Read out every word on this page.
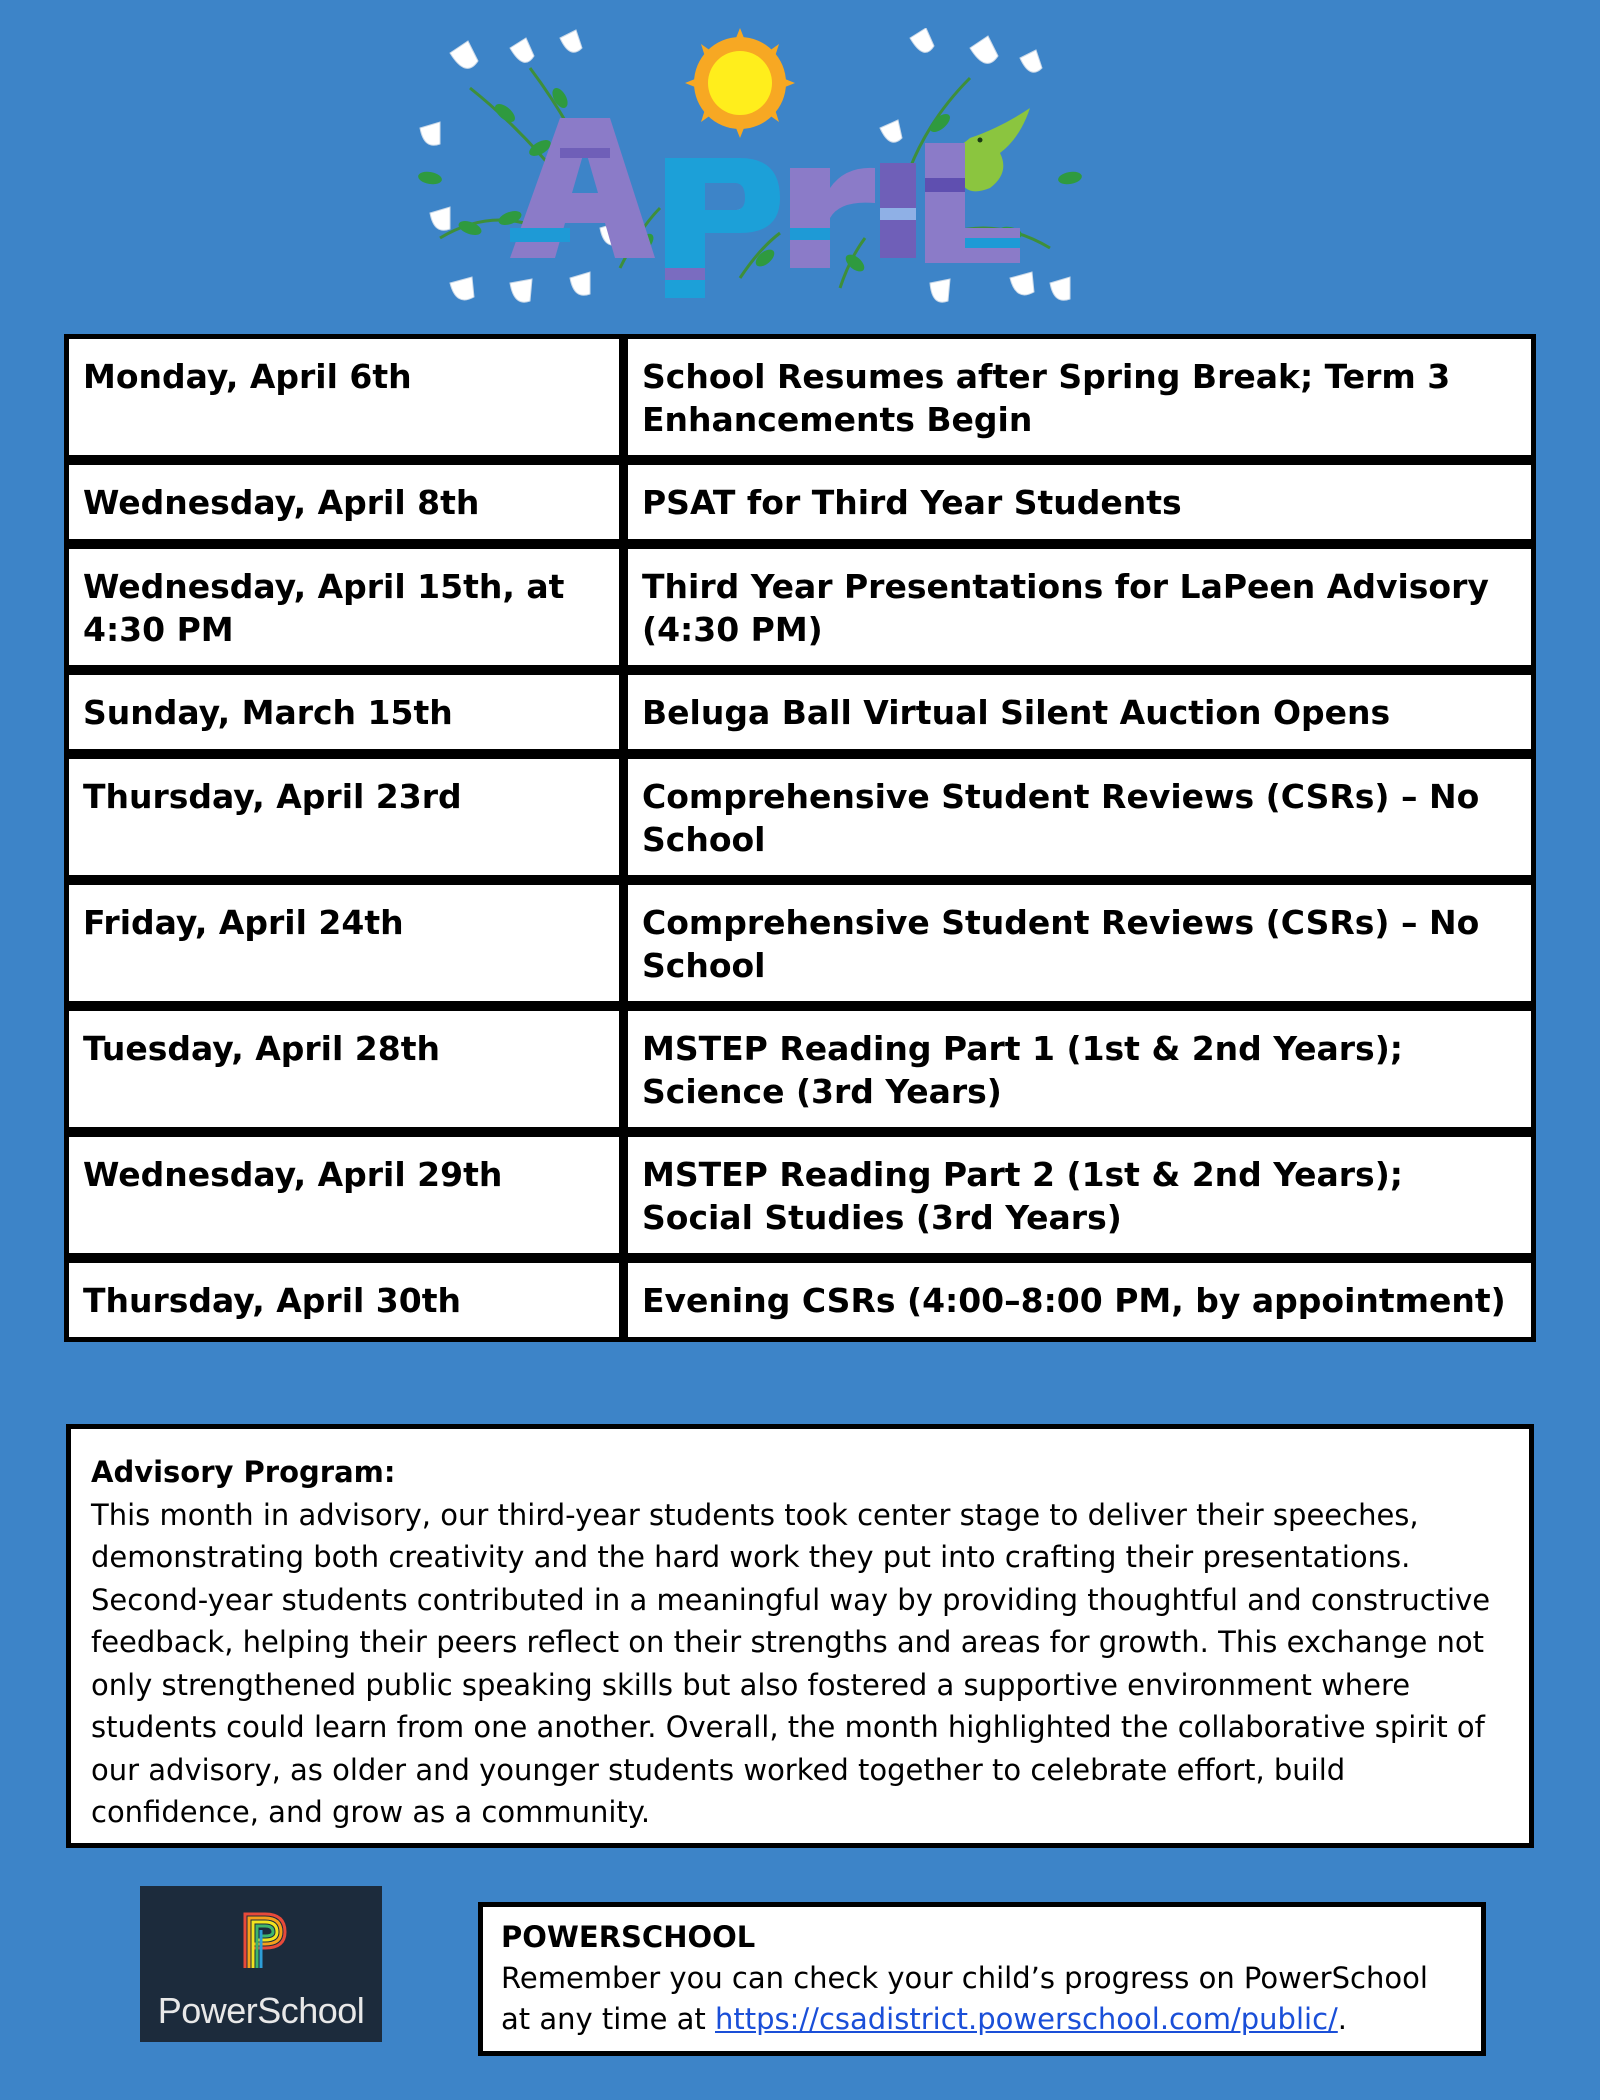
Monday, April 6th	School Resumes after Spring Break; Term 3 Enhancements Begin
Wednesday, April 8th	PSAT for Third Year Students
Wednesday, April 15th, at 4:30 PM	Third Year Presentations for LaPeen Advisory (4:30 PM)
Sunday, March 15th	Beluga Ball Virtual Silent Auction Opens
Thursday, April 23rd	Comprehensive Student Reviews (CSRs) – No School
Friday, April 24th	Comprehensive Student Reviews (CSRs) – No School
Tuesday, April 28th	MSTEP Reading Part 1 (1st & 2nd Years); Science (3rd Years)
Wednesday, April 29th	MSTEP Reading Part 2 (1st & 2nd Years); Social Studies (3rd Years)
Thursday, April 30th	Evening CSRs (4:00–8:00 PM, by appointment)
Advisory Program:
This month in advisory, our third-year students took center stage to deliver their speeches, demonstrating both creativity and the hard work they put into crafting their presentations. Second-year students contributed in a meaningful way by providing thoughtful and constructive feedback, helping their peers reflect on their strengths and areas for growth. This exchange not only strengthened public speaking skills but also fostered a supportive environment where students could learn from one another. Overall, the month highlighted the collaborative spirit of our advisory, as older and younger students worked together to celebrate effort, build confidence, and grow as a community.
PowerSchool
POWERSCHOOL
Remember you can check your child’s progress on PowerSchool at any time at https://csadistrict.powerschool.com/public/.
